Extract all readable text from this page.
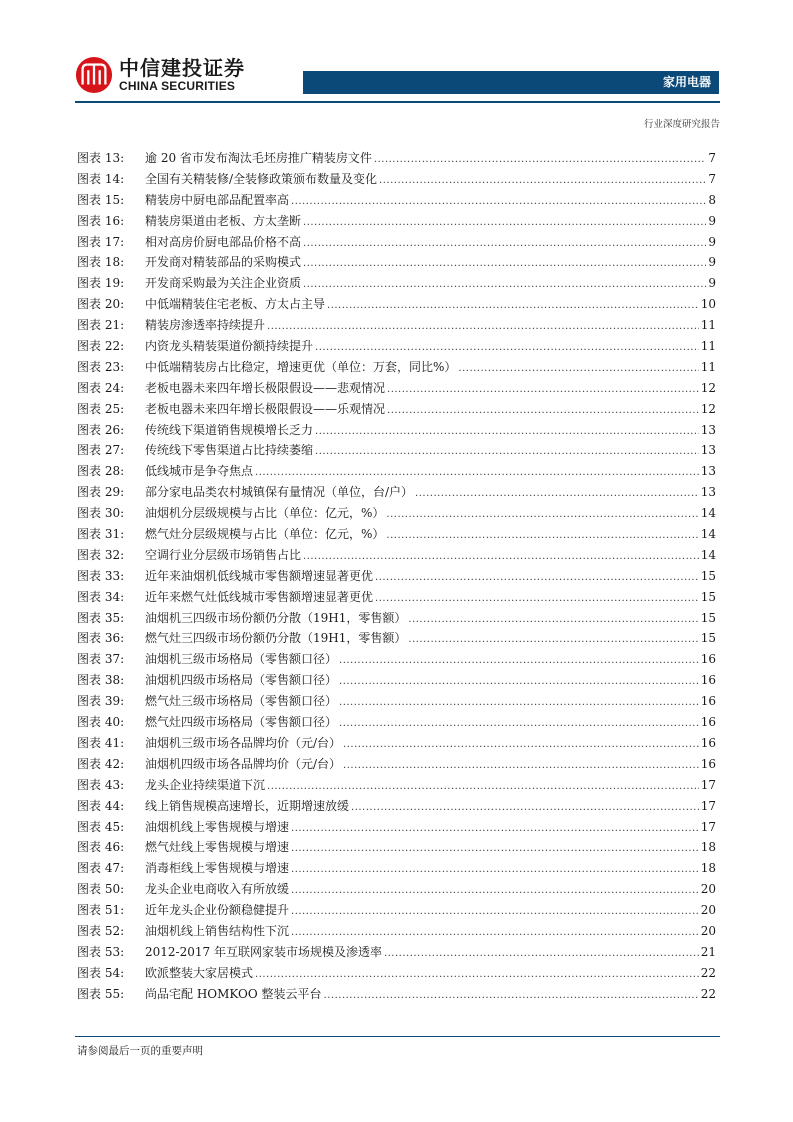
中信建投证券
CHINA SECURITIES	家用电器
行业深度研究报告
图表 13:	逾 20 省市发布淘汰毛坯房推广精装房文件 .....	7
图表 14:	全国有关精装修/全装修政策颁布数量及变化 .....	7
图表 15:	精装房中厨电部品配置率高 .....	8
图表 16:	精装房渠道由老板、方太垄断 .....	9
图表 17:	相对高房价厨电部品价格不高 .....	9
图表 18:	开发商对精装部品的采购模式 .....	9
图表 19:	开发商采购最为关注企业资质 .....	9
图表 20:	中低端精装住宅老板、方太占主导 .....	10
图表 21:	精装房渗透率持续提升 .....	11
图表 22:	内资龙头精装渠道份额持续提升 .....	11
图表 23:	中低端精装房占比稳定，增速更优（单位：万套，同比%） .....	11
图表 24:	老板电器未来四年增长极限假设——悲观情况 .....	12
图表 25:	老板电器未来四年增长极限假设——乐观情况 .....	12
图表 26:	传统线下渠道销售规模增长乏力 .....	13
图表 27:	传统线下零售渠道占比持续萎缩 .....	13
图表 28:	低线城市是争夺焦点 .....	13
图表 29:	部分家电品类农村城镇保有量情况（单位，台/户） .....	13
图表 30:	油烟机分层级规模与占比（单位：亿元，%） .....	14
图表 31:	燃气灶分层级规模与占比（单位：亿元，%） .....	14
图表 32:	空调行业分层级市场销售占比 .....	14
图表 33:	近年来油烟机低线城市零售额增速显著更优 .....	15
图表 34:	近年来燃气灶低线城市零售额增速显著更优 .....	15
图表 35:	油烟机三四级市场份额仍分散（19H1，零售额） .....	15
图表 36:	燃气灶三四级市场份额仍分散（19H1，零售额） .....	15
图表 37:	油烟机三级市场格局（零售额口径） .....	16
图表 38:	油烟机四级市场格局（零售额口径） .....	16
图表 39:	燃气灶三级市场格局（零售额口径） .....	16
图表 40:	燃气灶四级市场格局（零售额口径） .....	16
图表 41:	油烟机三级市场各品牌均价（元/台） .....	16
图表 42:	油烟机四级市场各品牌均价（元/台） .....	16
图表 43:	龙头企业持续渠道下沉 .....	17
图表 44:	线上销售规模高速增长，近期增速放缓 .....	17
图表 45:	油烟机线上零售规模与增速 .....	17
图表 46:	燃气灶线上零售规模与增速 .....	18
图表 47:	消毒柜线上零售规模与增速 .....	18
图表 50:	龙头企业电商收入有所放缓 .....	20
图表 51:	近年龙头企业份额稳健提升 .....	20
图表 52:	油烟机线上销售结构性下沉 .....	20
图表 53:	2012-2017 年互联网家装市场规模及渗透率 .....	21
图表 54:	欧派整装大家居模式 .....	22
图表 55:	尚品宅配 HOMKOO 整装云平台 .....	22
请参阅最后一页的重要声明
